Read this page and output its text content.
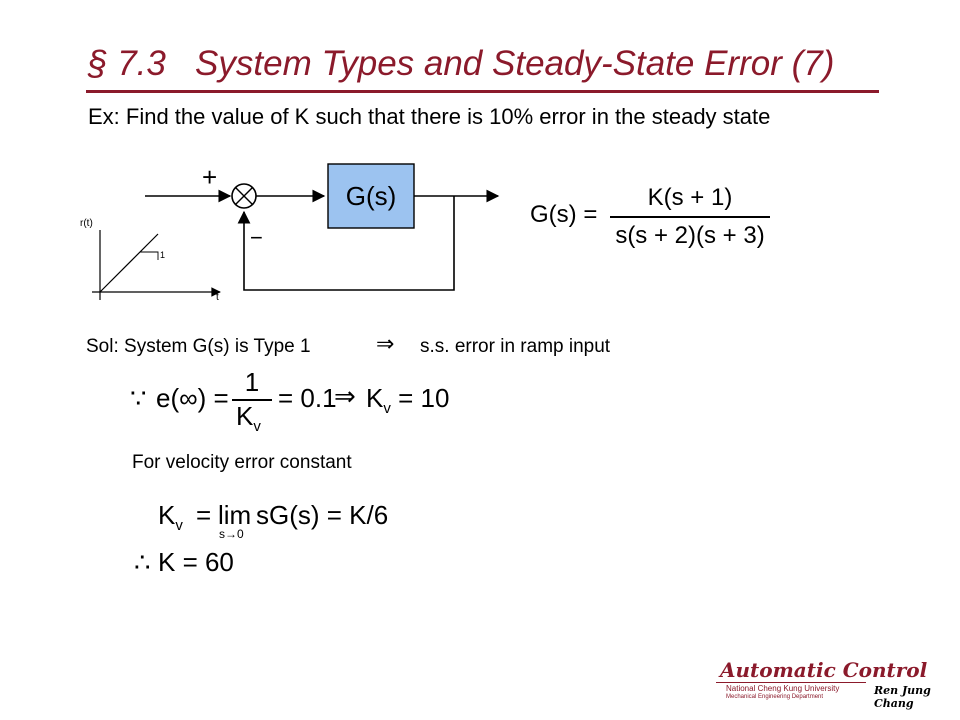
§ 7.3   System Types and Steady-State Error (7)
Ex: Find the value of K such that there is 10% error in the steady state
+
−
G(s)
r(t)
t
1
G(s) =
K(s + 1)
s(s + 2)(s + 3)
Sol: System G(s) is Type 1	⇒ s.s. error in ramp input
∵ e(∞) =
1
$K_v$
= 0.1
⇒ $K_v = 10$
For velocity error constant
$K_v = \lim$
s→0
sG(s) = K/6
∴ K = 60
Automatic Control
National Cheng Kung University
Mechanical Engineering Department	Ren Jung Chang
